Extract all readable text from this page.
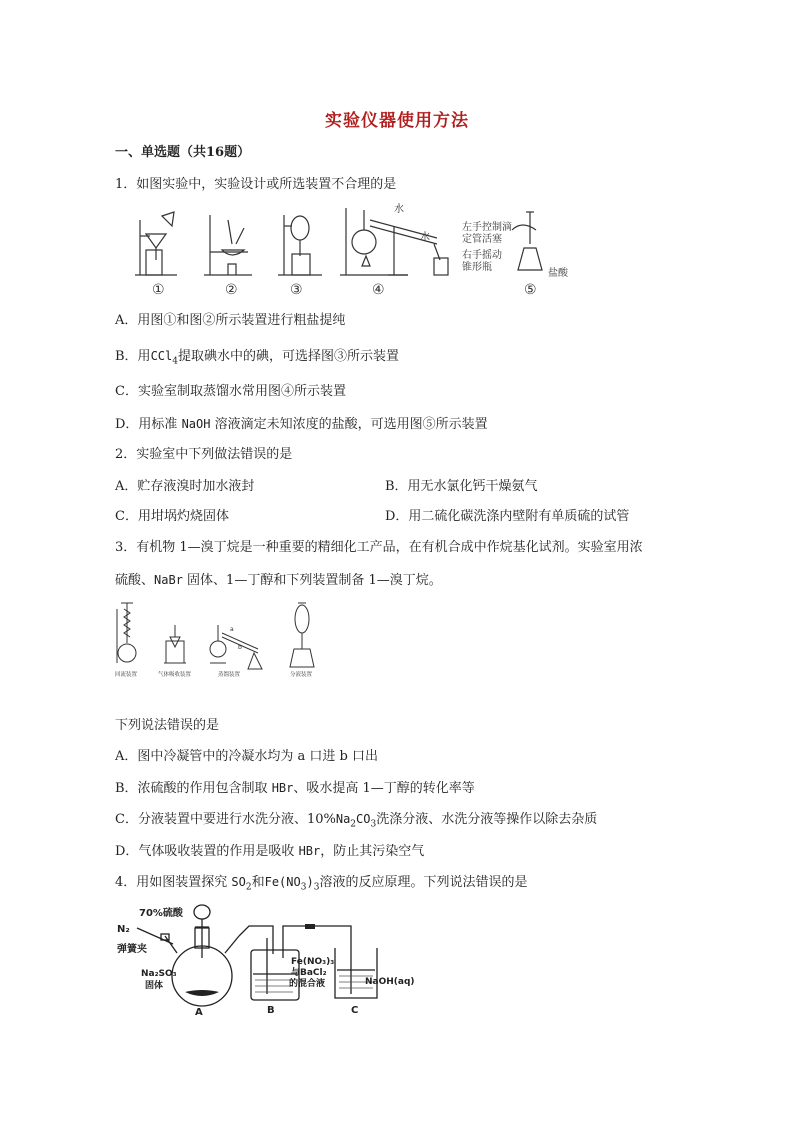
实验仪器使用方法
一、单选题（共16题）
1．如图实验中，实验设计或所选装置不合理的是
水
水
左手控制滴
定管活塞
右手摇动
锥形瓶
盐酸
①	②	③	④	⑤
A．用图①和图②所示装置进行粗盐提纯
B．用CCl$_4$提取碘水中的碘，可选择图③所示装置
C．实验室制取蒸馏水常用图④所示装置
D．用标准 NaOH 溶液滴定未知浓度的盐酸，可选用图⑤所示装置
2．实验室中下列做法错误的是
A．贮存液溴时加水液封	B．用无水氯化钙干燥氨气
C．用坩埚灼烧固体	D．用二硫化碳洗涤内壁附有单质硫的试管
3．有机物 1—溴丁烷是一种重要的精细化工产品，在有机合成中作烷基化试剂。实验室用浓
硫酸、NaBr 固体、1—丁醇和下列装置制备 1—溴丁烷。
a
b
回流装置	气体吸收装置	蒸馏装置	分液装置
下列说法错误的是
A．图中冷凝管中的冷凝水均为 a 口进 b 口出
B．浓硫酸的作用包含制取 HBr、吸水提高 1—丁醇的转化率等
C．分液装置中要进行水洗分液、$10\%Na_2CO_3$洗涤分液、水洗分液等操作以除去杂质
D．气体吸收装置的作用是吸收 HBr，防止其污染空气
4．用如图装置探究 $SO_2$和$Fe(NO_3)_3$溶液的反应原理。下列说法错误的是
70%硫酸
N₂
弹簧夹
Na₂SO₃
固体
Fe(NO₃)₃
与BaCl₂
的混合液	NaOH(aq)
A	B	C
